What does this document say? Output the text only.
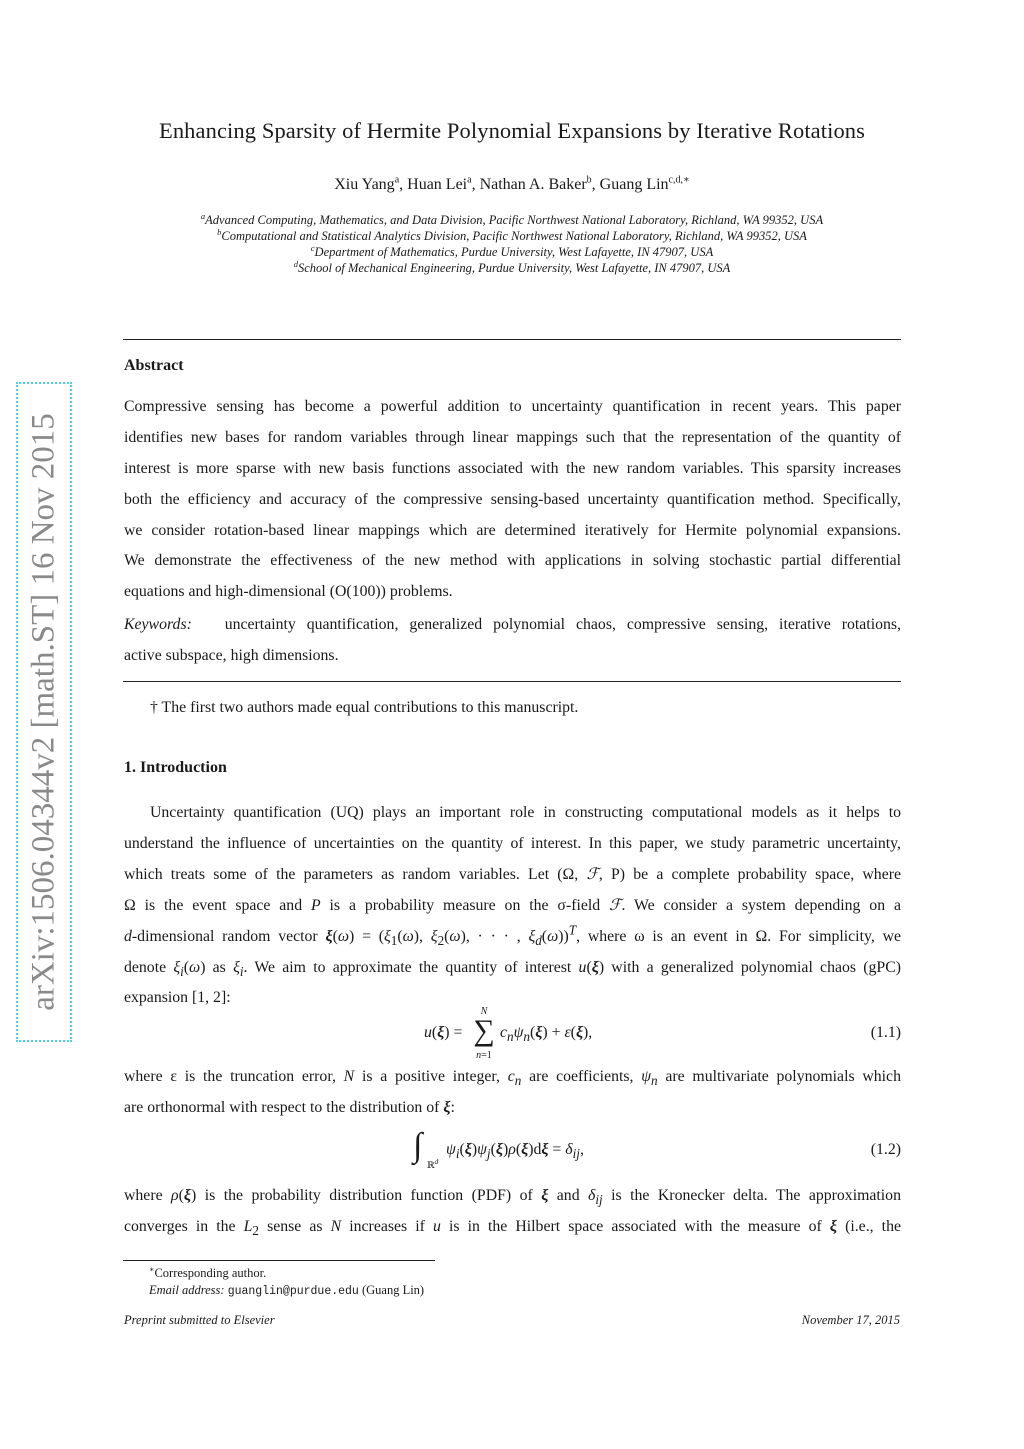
arXiv:1506.04344v2 [math.ST] 16 Nov 2015
Enhancing Sparsity of Hermite Polynomial Expansions by Iterative Rotations
Xiu Yang$^a$, Huan Lei$^a$, Nathan A. Baker$^b$, Guang Lin$^{c,d,∗}$
$^a$Advanced Computing, Mathematics, and Data Division, Pacific Northwest National Laboratory, Richland, WA 99352, USA
$^b$Computational and Statistical Analytics Division, Pacific Northwest National Laboratory, Richland, WA 99352, USA
$^c$Department of Mathematics, Purdue University, West Lafayette, IN 47907, USA
$^d$School of Mechanical Engineering, Purdue University, West Lafayette, IN 47907, USA
Abstract
Compressive sensing has become a powerful addition to uncertainty quantification in recent years. This paper
identifies new bases for random variables through linear mappings such that the representation of the quantity of
interest is more sparse with new basis functions associated with the new random variables. This sparsity increases
both the efficiency and accuracy of the compressive sensing-based uncertainty quantification method. Specifically,
we consider rotation-based linear mappings which are determined iteratively for Hermite polynomial expansions.
We demonstrate the effectiveness of the new method with applications in solving stochastic partial differential
equations and high-dimensional (O(100)) problems.
Keywords: uncertainty quantification, generalized polynomial chaos, compressive sensing, iterative rotations,
active subspace, high dimensions.
† The first two authors made equal contributions to this manuscript.
1. Introduction
Uncertainty quantification (UQ) plays an important role in constructing computational models as it helps to
understand the influence of uncertainties on the quantity of interest. In this paper, we study parametric uncertainty,
which treats some of the parameters as random variables. Let (Ω, ℱ, P) be a complete probability space, where
Ω is the event space and P is a probability measure on the σ-field ℱ. We consider a system depending on a
d-dimensional random vector $\xi(\omega) = (\xi_1(\omega)$, $\xi_2(\omega)$, · · · , $\xi_d(\omega))^T$, where ω is an event in Ω. For simplicity, we
denote $\xi_i(\omega)$ as $\xi_i$. We aim to approximate the quantity of interest u(ξ) with a generalized polynomial chaos (gPC)
expansion [1, 2]:
u(ξ) =
N
∑
n=1
$c_n\psi_n(\xi) + \varepsilon(\xi)$,	(1.1)
where ε is the truncation error, N is a positive integer, $c_n$ are coefficients, $\psi_n$ are multivariate polynomials which
are orthonormal with respect to the distribution of ξ:
∫
ℝ$^d$
$\psi_i(\xi)\psi_j(\xi)\rho(\xi)d\xi = \delta_{ij}$,	(1.2)
where ρ(ξ) is the probability distribution function (PDF) of ξ and $\delta_{ij}$ is the Kronecker delta. The approximation
converges in the $L_2$ sense as N increases if u is in the Hilbert space associated with the measure of ξ (i.e., the
∗Corresponding author.
Email address: guanglin@purdue.edu (Guang Lin)
Preprint submitted to Elsevier	November 17, 2015
